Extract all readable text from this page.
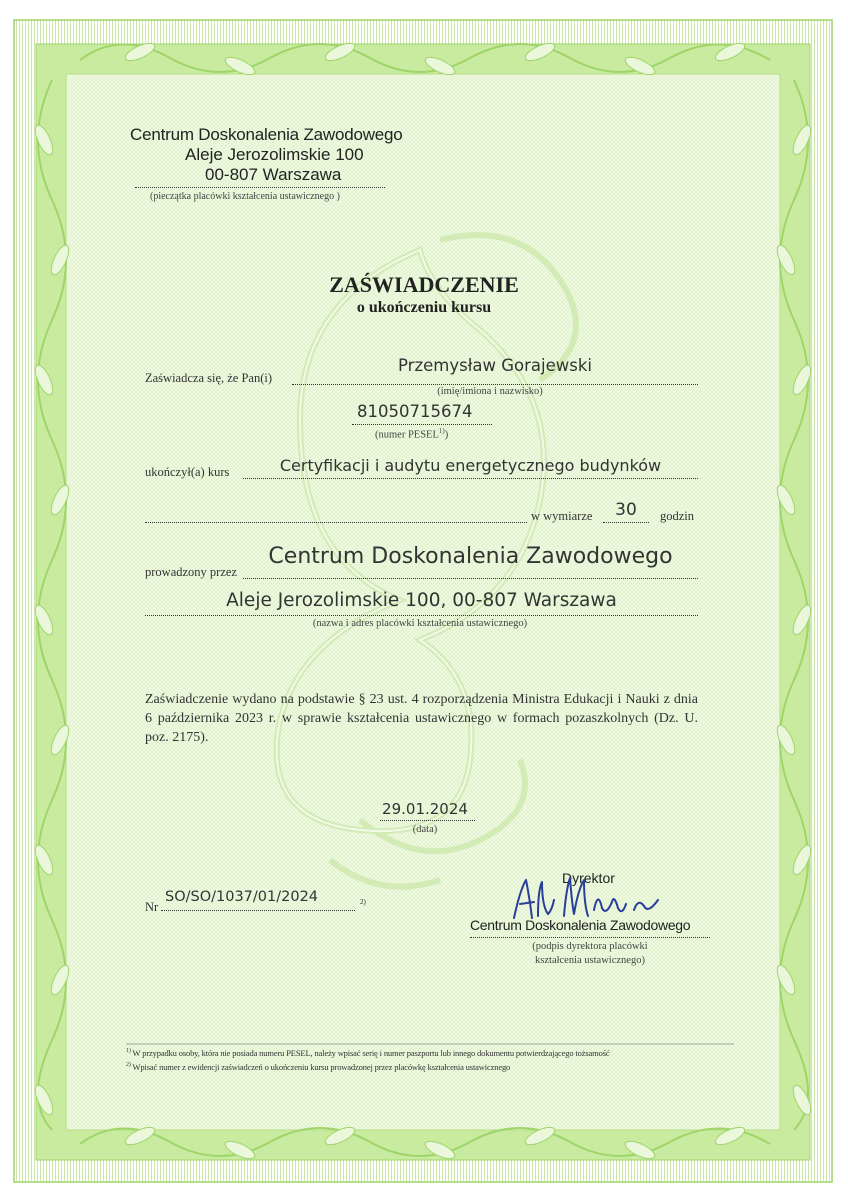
Centrum Doskonalenia Zawodowego
Aleje Jerozolimskie 100
00-807 Warszawa
(pieczątka placówki kształcenia ustawicznego )
ZAŚWIADCZENIE
o ukończeniu kursu
Zaświadcza się, że Pan(i)
Przemysław Gorajewski
(imię/imiona i nazwisko)
81050715674
(numer PESEL$^{1)}$)
ukończył(a) kurs	Certyfikacji i audytu energetycznego budynków
w wymiarze	30	godzin
prowadzony przez
Centrum Doskonalenia Zawodowego
Aleje Jerozolimskie 100, 00-807 Warszawa
(nazwa i adres placówki kształcenia ustawicznego)
Zaświadczenie wydano na podstawie § 23 ust. 4 rozporządzenia Ministra Edukacji i Nauki z dnia 6 października 2023 r. w sprawie kształcenia ustawicznego w formach pozaszkolnych (Dz. U. poz. 2175).
29.01.2024
(data)
Nr
SO/SO/1037/01/2024	2)
Dyrektor
Centrum Doskonalenia Zawodowego
(podpis dyrektora placówki
kształcenia ustawicznego)
$^{1)}$ W przypadku osoby, która nie posiada numeru PESEL, należy wpisać serię i numer paszportu lub innego dokumentu potwierdzającego tożsamość
$^{2)}$ Wpisać numer z ewidencji zaświadczeń o ukończeniu kursu prowadzonej przez placówkę kształcenia ustawicznego
